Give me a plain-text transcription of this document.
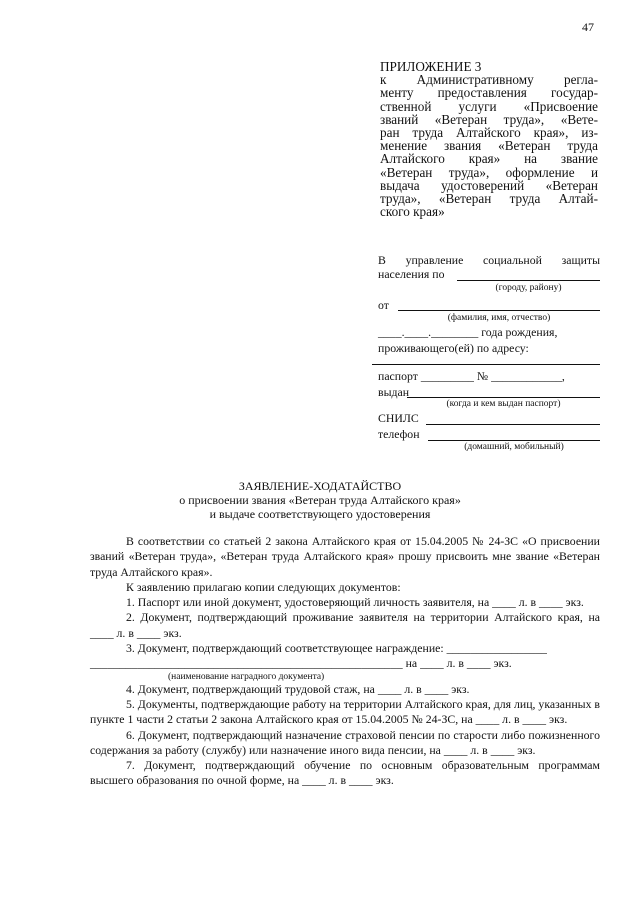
47
ПРИЛОЖЕНИЕ 3
к Административному регла-
менту предоставления государ-
ственной услуги «Присвоение
званий «Ветеран труда», «Вете-
ран труда Алтайского края», из-
менение звания «Ветеран труда
Алтайского края» на звание
«Ветеран труда», оформление и
выдача удостоверений «Ветеран
труда», «Ветеран труда Алтай-
ского края»
В управление социальной защиты
населения по
(городу, району)
от
(фамилия, имя, отчество)
____.____.________ года рождения,
проживающего(ей) по адресу:
паспорт _________ № ____________,
выдан
(когда и кем выдан паспорт)
СНИЛС
телефон
(домашний, мобильный)
ЗАЯВЛЕНИЕ-ХОДАТАЙСТВО
о присвоении звания «Ветеран труда Алтайского края»
и выдаче соответствующего удостоверения

В соответствии со статьей 2 закона Алтайского края от 15.04.2005 № 24-ЗС «О присвоении званий «Ветеран труда», «Ветеран труда Алтайского края» прошу присвоить мне звание «Ветеран труда Алтайского края».

К заявлению прилагаю копии следующих документов:

1. Паспорт или иной документ, удостоверяющий личность заявителя, на ____ л. в ____ экз.

2. Документ, подтверждающий проживание заявителя на территории Алтайского края, на ____ л. в ____ экз.

3. Документ, подтверждающий соответствующее награждение: _________________

_____________________________________________________ на ____ л. в ____ экз.

(наименование наградного документа)

4. Документ, подтверждающий трудовой стаж, на ____ л. в ____ экз.

5. Документы, подтверждающие работу на территории Алтайского края, для лиц, указанных в пункте 1 части 2 статьи 2 закона Алтайского края от 15.04.2005 № 24-ЗС, на ____ л. в ____ экз.

6. Документ, подтверждающий назначение страховой пенсии по старости либо пожизненного содержания за работу (службу) или назначение иного вида пенсии, на ____ л. в ____ экз.

7. Документ, подтверждающий обучение по основным образовательным программам высшего образования по очной форме, на ____ л. в ____ экз.
